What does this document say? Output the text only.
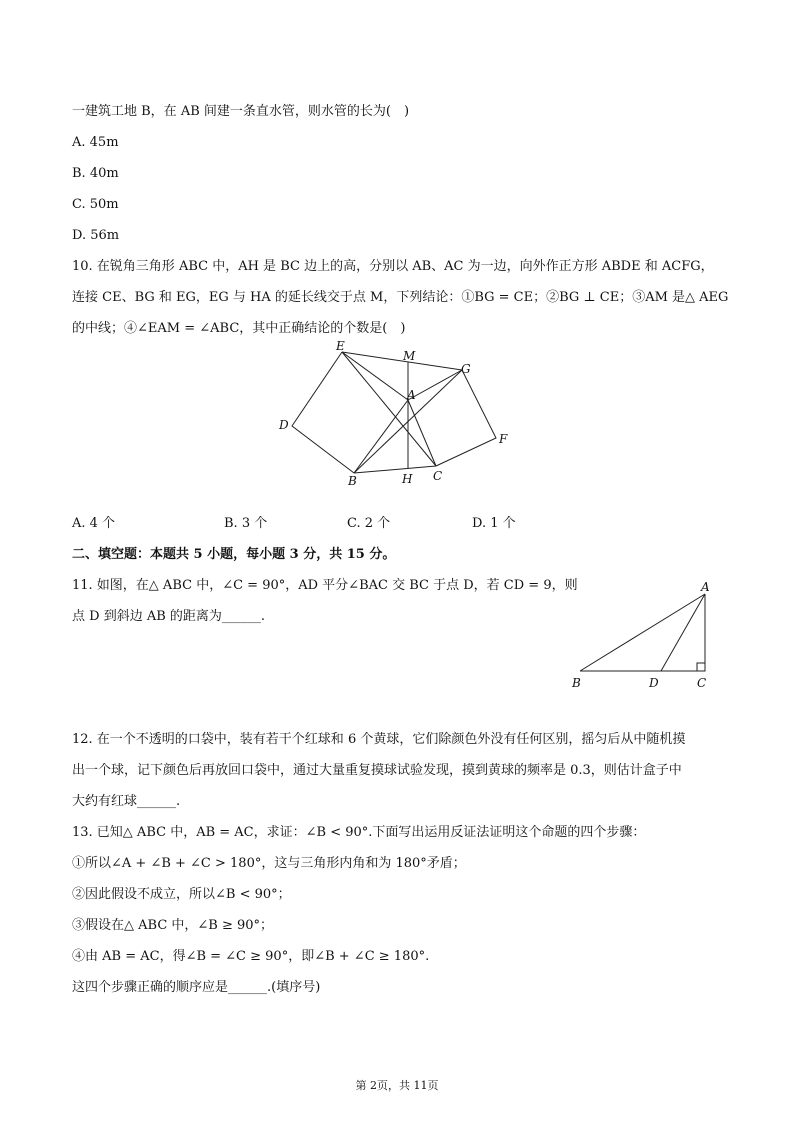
一建筑工地 B，在 AB 间建一条直水管，则水管的长为(　)
A. 45m
B. 40m
C. 50m
D. 56m
10. 在锐角三角形 ABC 中，AH 是 BC 边上的高，分别以 AB、AC 为一边，向外作正方形 ABDE 和 ACFG，
连接 CE、BG 和 EG，EG 与 HA 的延长线交于点 M，下列结论：①BG = CE；②BG ⊥ CE；③AM 是△ AEG
的中线；④∠EAM = ∠ABC，其中正确结论的个数是(　)
E
M
G
A
D
F
B	H C
A. 4 个	B. 3 个	C. 2 个	D. 1 个
二、填空题：本题共 5 小题，每小题 3 分，共 15 分。
11. 如图，在△ ABC 中，∠C = 90°，AD 平分∠BAC 交 BC 于点 D，若 CD = 9，则
点 D 到斜边 AB 的距离为______.
A
B	D	C
12. 在一个不透明的口袋中，装有若干个红球和 6 个黄球，它们除颜色外没有任何区别，摇匀后从中随机摸
出一个球，记下颜色后再放回口袋中，通过大量重复摸球试验发现，摸到黄球的频率是 0.3，则估计盒子中
大约有红球______.
13. 已知△ ABC 中，AB = AC，求证：∠B < 90°.下面写出运用反证法证明这个命题的四个步骤：
①所以∠A + ∠B + ∠C > 180°，这与三角形内角和为 180°矛盾；
②因此假设不成立，所以∠B < 90°；
③假设在△ ABC 中，∠B ≥ 90°；
④由 AB = AC，得∠B = ∠C ≥ 90°，即∠B + ∠C ≥ 180°.
这四个步骤正确的顺序应是______.(填序号)
第 2页，共 11页
